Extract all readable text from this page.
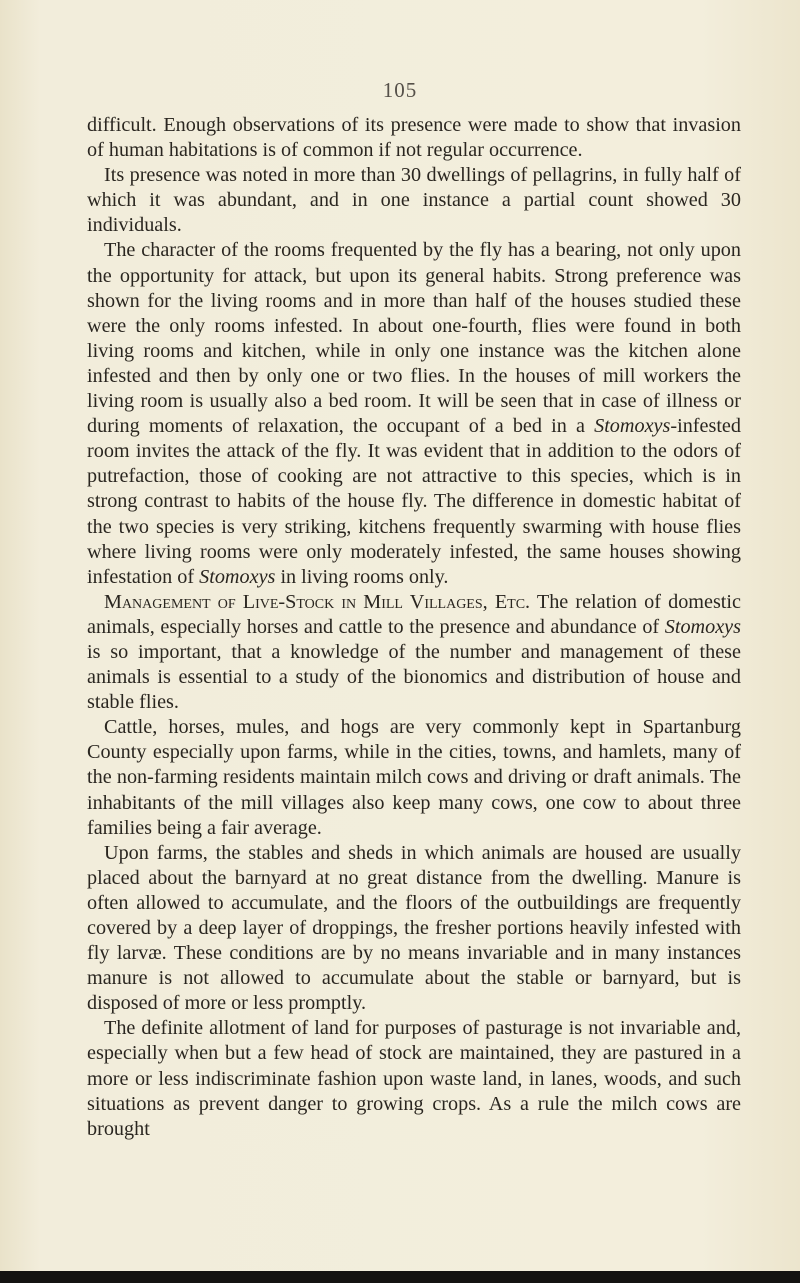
105

difficult. Enough observations of its presence were made to show that invasion of human habitations is of common if not regular occurrence.

Its presence was noted in more than 30 dwellings of pellagrins, in fully half of which it was abundant, and in one instance a partial count showed 30 individuals.

The character of the rooms frequented by the fly has a bearing, not only upon the opportunity for attack, but upon its general habits. Strong preference was shown for the living rooms and in more than half of the houses studied these were the only rooms infested. In about one-fourth, flies were found in both living rooms and kitchen, while in only one instance was the kitchen alone infested and then by only one or two flies. In the houses of mill workers the living room is usually also a bed room. It will be seen that in case of illness or during moments of relaxation, the occupant of a bed in a Stomoxys-infested room invites the attack of the fly. It was evident that in addition to the odors of putrefaction, those of cooking are not attractive to this species, which is in strong contrast to habits of the house fly. The difference in domestic habitat of the two species is very striking, kitchens frequently swarming with house flies where living rooms were only moderately infested, the same houses showing infestation of Stomoxys in living rooms only.

Management of Live-Stock in Mill Villages, Etc. The relation of domestic animals, especially horses and cattle to the presence and abundance of Stomoxys is so important, that a knowledge of the number and management of these animals is essential to a study of the bionomics and distribution of house and stable flies.

Cattle, horses, mules, and hogs are very commonly kept in Spartanburg County especially upon farms, while in the cities, towns, and hamlets, many of the non-farming residents maintain milch cows and driving or draft animals. The inhabitants of the mill villages also keep many cows, one cow to about three families being a fair average.

Upon farms, the stables and sheds in which animals are housed are usually placed about the barnyard at no great distance from the dwelling. Manure is often allowed to accumulate, and the floors of the outbuildings are frequently covered by a deep layer of droppings, the fresher portions heavily infested with fly larvæ. These conditions are by no means invariable and in many instances manure is not allowed to accumulate about the stable or barnyard, but is disposed of more or less promptly.

The definite allotment of land for purposes of pasturage is not invariable and, especially when but a few head of stock are maintained, they are pastured in a more or less indiscriminate fashion upon waste land, in lanes, woods, and such situations as prevent danger to growing crops. As a rule the milch cows are brought
